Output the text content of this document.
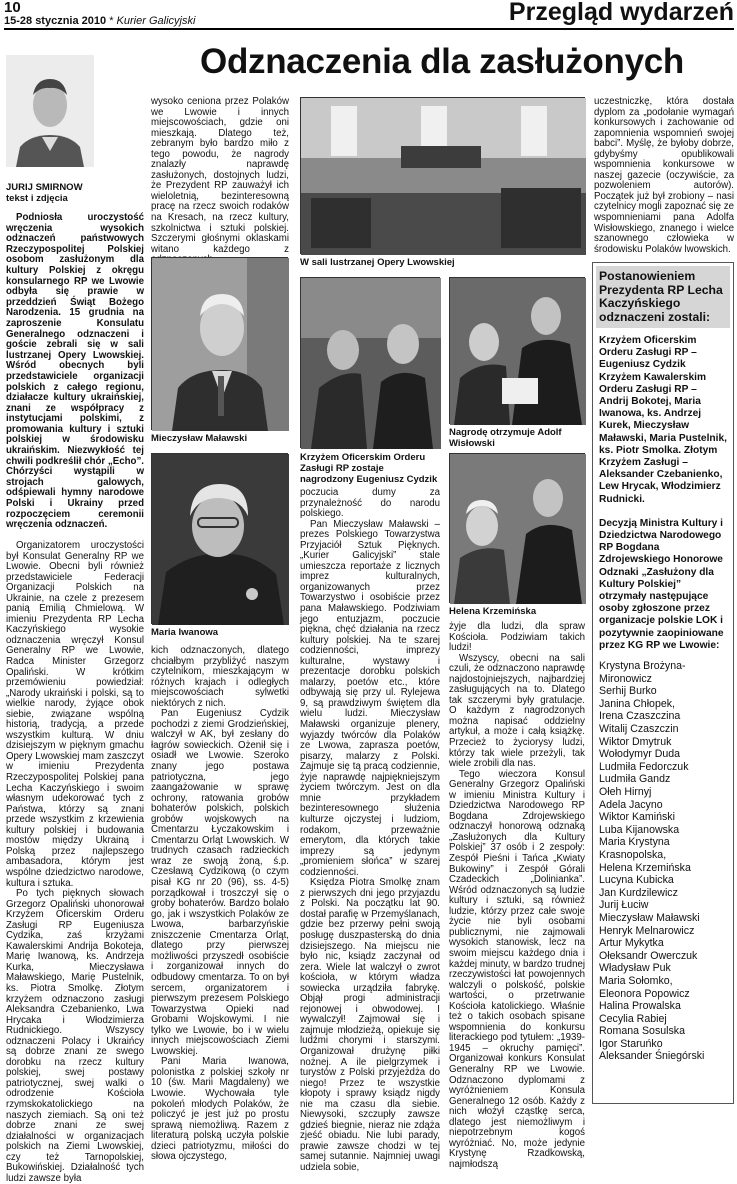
10
15-28 stycznia 2010 * Kurier Galicyjski	Przegląd wydarzeń
Odznaczenia dla zasłużonych
JURIJ SMIRNOW
tekst i zdjęcia

Podniosła uroczystość wręczenia wysokich odznaczeń państwowych Rzeczypospolitej Polskiej osobom zasłużonym dla kultury Polskiej z okręgu konsularnego RP we Lwowie odbyła się prawie w przeddzień Świąt Bożego Narodzenia. 15 grudnia na zaproszenie Konsulatu Generalnego odznaczeni i goście zebrali się w sali lustrzanej Opery Lwowskiej. Wśród obecnych byli przedstawiciele organizacji polskich z całego regionu, działacze kultury ukraińskiej, znani ze współpracy z instytucjami polskimi, z promowania kultury i sztuki polskiej w środowisku ukraińskim. Niezwykłość tej chwili podkreślił chór „Echo”. Chórzyści wystąpili w strojach galowych, odśpiewali hymny narodowe Polski i Ukrainy przed rozpoczęciem ceremonii wręczenia odznaczeń.

Organizatorem uroczystości był Konsulat Generalny RP we Lwowie. Obecni byli również przedstawiciele Federacji Organizacji Polskich na Ukrainie, na czele z prezesem panią Emilią Chmielową. W imieniu Prezydenta RP Lecha Kaczyńskiego wysokie odznaczenia wręczył Konsul Generalny RP we Lwowie, Radca Minister Grzegorz Opaliński. W krótkim przemówieniu powiedział: „Narody ukraiński i polski, są to wielkie narody, żyjące obok siebie, związane wspólną historią, tradycją, a przede wszystkim kulturą. W dniu dzisiejszym w pięknym gmachu Opery Lwowskiej mam zaszczyt w imieniu Prezydenta Rzeczypospolitej Polskiej pana Lecha Kaczyńskiego i swoim własnym udekorować tych z Państwa, którzy są znani przede wszystkim z krzewienia kultury polskiej i budowania mostów między Ukrainą i Polską przez najlepszego ambasadora, którym jest wspólne dziedzictwo narodowe, kultura i sztuka.

Po tych pięknych słowach Grzegorz Opaliński uhonorował Krzyżem Oficerskim Orderu Zasługi RP Eugeniusza Cydzika, zaś krzyżami Kawalerskimi Andrija Bokoteja, Marię Iwanową, ks. Andrzeja Kurka, Mieczysława Maławskiego, Marię Pustelnik, ks. Piotra Smolkę. Złotym krzyżem odznaczono zasługi Aleksandra Czebanienko, Lwa Hrycaka i Włodzimierza Rudnickiego. Wszyscy odznaczeni Polacy i Ukraińcy są dobrze znani ze swego dorobku na rzecz kultury polskiej, swej postawy patriotycznej, swej walki o odrodzenie Kościoła rzymskokatolickiego na naszych ziemiach. Są oni też dobrze znani ze swej działalności w organizacjach polskich na Ziemi Lwowskiej, czy też Tarnopolskiej, Bukowińskiej. Działalność tych ludzi zawsze była

wysoko ceniona przez Polaków we Lwowie i innych miejscowościach, gdzie oni mieszkają. Dlatego też, zebranym było bardzo miło z tego powodu, że nagrody znalazły naprawdę zasłużonych, dostojnych ludzi, że Prezydent RP zauważył ich wieloletnią, bezinteresowną pracę na rzecz swoich rodaków na Kresach, na rzecz kultury, szkolnictwa i sztuki polskiej. Szczerymi głośnymi oklaskami witano każdego z

Mieczysław Maławski
Maria Iwanowa

kich odznaczonych, dlatego chciałbym przybliżyć naszym czytelnikom, mieszkającym w różnych krajach i odległych miejscowościach sylwetki niektórych z nich.

Pan Eugeniusz Cydzik pochodzi z ziemi Grodzieńskiej, walczył w AK, był zesłany do łagrów sowieckich. Ożenił się i osiadł we Lwowie. Szeroko znany jego postawa patriotyczna, jego zaangażowanie w sprawę ochrony, ratowania grobów bohaterów polskich, polskich grobów wojskowych na Cmentarzu Łyczakowskim i Cmentarzu Orląt Lwowskich. W trudnych czasach radzieckich wraz ze swoją żoną, ś.p. Czesławą Cydzikową (o czym pisał KG nr 20 (96), ss. 4-5) porządkował i troszczył się o groby bohaterów. Bardzo bolało go, jak i wszystkich Polaków ze Lwowa, barbarzyńskie zniszczenie Cmentarza Orląt, dlatego przy pierwszej możliwości przyszedł osobiście i zorganizował innych do odbudowy cmentarza. To on był sercem, organizatorem i pierwszym prezesem Polskiego Towarzystwa Opieki nad Grobami Wojskowymi. I nie tylko we Lwowie, bo i w wielu innych miejscowościach Ziemi Lwowskiej.

Pani Maria Iwanowa, polonistka z polskiej szkoły nr 10 (św. Marii Magdaleny) we Lwowie. Wychowała tyle pokoleń młodych Polaków, że policzyć je jest już po prostu sprawą niemożliwą. Razem z literaturą polską uczyła polskie dzieci patriotyzmu, miłości do słowa ojczystego,

W sali lustrzanej Opery Lwowskiej
Krzyżem Oficerskim Orderu Zasługi RP zostaje nagrodzony Eugeniusz Cydzik
Nagrodę otrzymuje Adolf Wisłowski
Helena Krzemińska

poczucia dumy za przynależność do narodu polskiego.

Pan Mieczysław Maławski – prezes Polskiego Towarzystwa Przyjaciół Sztuk Pięknych. „Kurier Galicyjski” stale umieszcza reportaże z licznych imprez kulturalnych, organizowanych przez Towarzystwo i osobiście przez pana Maławskiego. Podziwiam jego entuzjazm, poczucie piękna, chęć działania na rzecz kultury polskiej. Na te szarej codzienności, imprezy kulturalne, wystawy i prezentacje dorobku polskich malarzy, poetów etc., które odbywają się przy ul. Rylejewa 9, są prawdziwym świętem dla wielu ludzi. Mieczysław Maławski organizuje plenery, wyjazdy twórców dla Polaków ze Lwowa, zaprasza poetów, pisarzy, malarzy z Polski. Zajmuje się tą pracą codziennie, żyje naprawdę najpiękniejszym życiem twórczym. Jest on dla mnie przykładem bezinteresownego służenia kulturze ojczystej i ludziom, rodakom, przeważnie emerytom, dla których takie imprezy są jedynym „promieniem słońca” w szarej codzienności.

Księdza Piotra Smolkę znam z pierwszych dni jego przyjazdu z Polski. Na początku lat 90. dostał parafię w Przemyślanach, gdzie bez przerwy pełni swoją posługę duszpasterską do dnia dzisiejszego. Na miejscu nie było nic, ksiądz zaczynał od zera. Wiele lat walczył o zwrot kościoła, w którym władza sowiecka urządziła fabrykę. Objął progi administracji rejonowej i obwodowej. I wywalczył! Zajmował się i zajmuje młodzieżą, opiekuje się ludźmi chorymi i starszymi. Organizował drużynę piłki nożnej. A ile pielgrzymek i turystów z Polski przyjeżdża do niego! Przez te wszystkie kłopoty i sprawy ksiądz nigdy nie ma czasu dla siebie. Niewysoki, szczupły zawsze gdzieś biegnie, nieraz nie zdąża zjeść obiadu. Nie lubi parady, prawie zawsze chodzi w tej samej sutannie. Najmniej uwagi udziela sobie,

uczestniczkę, która dostała dyplom za „podołanie wymagań konkursowych i zachowanie od zapomnienia wspomnień swojej babci”. Myślę, że byłoby dobrze, gdybyśmy opublikowali wspomnienia konkursowe w naszej gazecie (oczywiście, za pozwoleniem autorów). Początek już był zrobiony – nasi czytelnicy mogli zapoznać się ze wspomnieniami pana Adolfa Wisłowskiego, znanego i wielce szanownego człowieka w środowisku Polaków lwowskich.

żyje dla ludzi, dla spraw Kościoła. Podziwiam takich ludzi!

Wszyscy, obecni na sali czuli, że odznaczono naprawdę najdostojniejszych, najbardziej zasługujących na to. Dlatego tak szczerymi były gratulacje. O każdym z nagrodzonych można napisać oddzielny artykuł, a może i całą książkę. Przecież to życiorysy ludzi, którzy tak wiele przeżyli, tak wiele zrobili dla nas.

Tego wieczora Konsul Generalny Grzegorz Opaliński w imieniu Ministra Kultury i Dziedzictwa Narodowego RP Bogdana Zdrojewskiego odznaczył honorową odznaką „Zasłużonych dla Kultury Polskiej” 37 osób i 2 zespoły: Zespół Pieśni i Tańca „Kwiaty Bukowiny” i Zespół Górali Czadeckich „Dolinianka”. Wśród odznaczonych są ludzie kultury i sztuki, są również ludzie, którzy przez całe swoje życie nie byli osobami publicznymi, nie zajmowali wysokich stanowisk, lecz na swoim miejscu każdego dnia i każdej minuty, w bardzo trudnej rzeczywistości łat powojennych walczyli o polskość, polskie wartości, o przetrwanie Kościoła katolickiego. Właśnie też o takich osobach spisane wspomnienia do konkursu literackiego pod tytułem: „1939-1945 – okruchy pamięci”. Organizował konkurs Konsulat Generalny RP we Lwowie. Odznaczono dyplomami z wyróżnieniem Konsula Generalnego 12 osób. Każdy z nich włożył cząstkę serca, dlatego jest niemożliwym i niepotrzebnym kogoś wyróżniać. No, może jedynie Krystynę Rzadkowską, najmłodszą

Postanowieniem Prezydenta RP Lecha Kaczyńskiego odznaczeni zostali:
Krzyżem Oficerskim Orderu Zasługi RP – Eugeniusz Cydzik
Krzyżem Kawalerskim Orderu Zasługi RP – Andrij Bokotej, Maria Iwanowa, ks. Andrzej Kurek, Mieczysław Maławski, Maria Pustelnik, ks. Piotr Smolka. Złotym Krzyżem Zasługi – Aleksander Czebanienko, Lew Hrycak, Włodzimierz Rudnicki.
Decyzją Ministra Kultury i Dziedzictwa Narodowego RP Bogdana Zdrojewskiego Honorowe Odznaki „Zasłużony dla Kultury Polskiej” otrzymały następujące osoby zgłoszone przez organizacje polskie LOK i pozytywnie zaopiniowane przez KG RP we Lwowie:
Krystyna Brożyna-Mironowicz
Serhij Burko
Janina Chłopek,
Irena Czaszczina
Witalij Czaszczin
Wiktor Dmytruk
Wołodymyr Duda
Ludmiła Fedorczuk
Ludmiła Gandz
Ołeh Hirnyj
Adela Jacyno
Wiktor Kamiński
Luba Kijanowska
Maria Krystyna Krasnopolska,
Helena Krzemińska
Lucyna Kubicka
Jan Kurdzilewicz
Jurij Łuciw
Mieczysław Maławski
Henryk Melnarowicz
Artur Mykytka
Ołeksandr Owerczuk
Władysław Puk
Maria Sołomko,
Eleonora Popowicz
Halina Prowalska
Cecylia Rabiej
Romana Sosulska
Igor Staruńko
Aleksander Śniegórski
